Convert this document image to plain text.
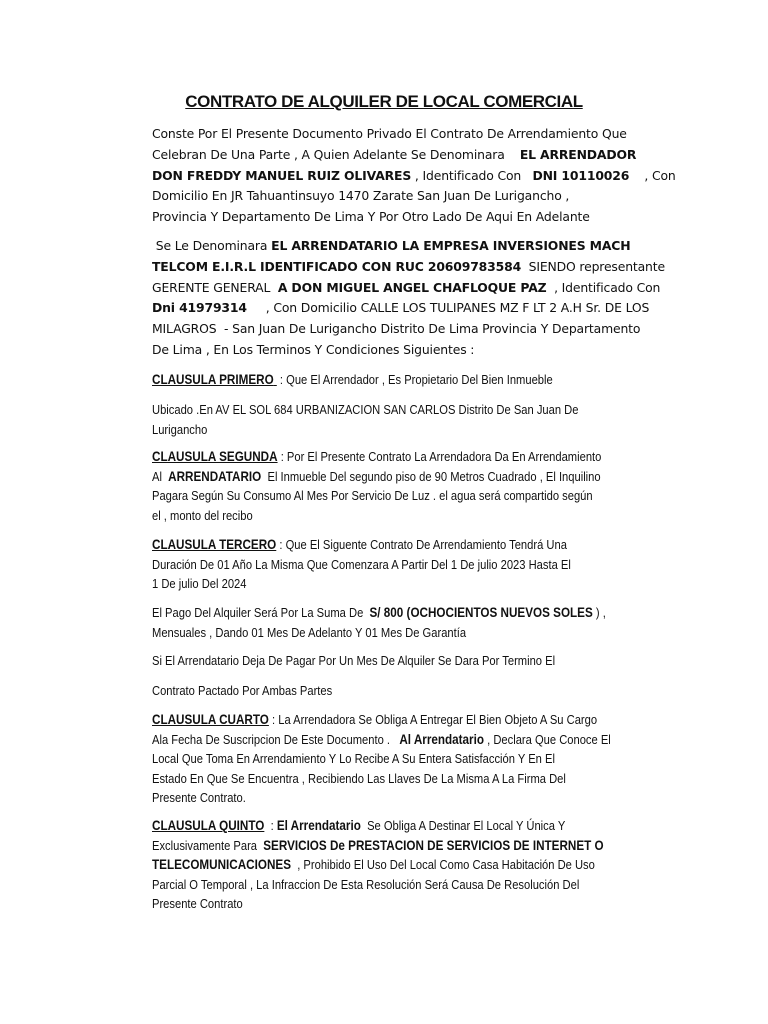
CONTRATO DE ALQUILER DE LOCAL COMERCIAL
Conste Por El Presente Documento Privado El Contrato De Arrendamiento Que
Celebran De Una Parte , A Quien Adelante Se Denominara EL ARRENDADOR
DON FREDDY MANUEL RUIZ OLIVARES , Identificado Con DNI 10110026 , Con
Domicilio En JR Tahuantinsuyo 1470 Zarate San Juan De Lurigancho ,
Provincia Y Departamento De Lima Y Por Otro Lado De Aqui En Adelante
Se Le Denominara EL ARRENDATARIO LA EMPRESA INVERSIONES MACH
TELCOM E.I.R.L IDENTIFICADO CON RUC 20609783584 SIENDO representante
GERENTE GENERAL A DON MIGUEL ANGEL CHAFLOQUE PAZ , Identificado Con
Dni 41979314 , Con Domicilio CALLE LOS TULIPANES MZ F LT 2 A.H Sr. DE LOS
MILAGROS - San Juan De Lurigancho Distrito De Lima Provincia Y Departamento
De Lima , En Los Terminos Y Condiciones Siguientes :
CLAUSULA PRIMERO : Que El Arrendador , Es Propietario Del Bien Inmueble
Ubicado .En AV EL SOL 684 URBANIZACION SAN CARLOS Distrito De San Juan De
Lurigancho
CLAUSULA SEGUNDA : Por El Presente Contrato La Arrendadora Da En Arrendamiento
Al ARRENDATARIO El Inmueble Del segundo piso de 90 Metros Cuadrado , El Inquilino
Pagara Según Su Consumo Al Mes Por Servicio De Luz . el agua será compartido según
el , monto del recibo
CLAUSULA TERCERO : Que El Siguente Contrato De Arrendamiento Tendrá Una
Duración De 01 Año La Misma Que Comenzara A Partir Del 1 De julio 2023 Hasta El
1 De julio Del 2024
El Pago Del Alquiler Será Por La Suma De S/ 800 (OCHOCIENTOS NUEVOS SOLES ) ,
Mensuales , Dando 01 Mes De Adelanto Y 01 Mes De Garantía
Si El Arrendatario Deja De Pagar Por Un Mes De Alquiler Se Dara Por Termino El
Contrato Pactado Por Ambas Partes
CLAUSULA CUARTO : La Arrendadora Se Obliga A Entregar El Bien Objeto A Su Cargo
Ala Fecha De Suscripcion De Este Documento . Al Arrendatario , Declara Que Conoce El
Local Que Toma En Arrendamiento Y Lo Recibe A Su Entera Satisfacción Y En El
Estado En Que Se Encuentra , Recibiendo Las Llaves De La Misma A La Firma Del
Presente Contrato.
CLAUSULA QUINTO : El Arrendatario Se Obliga A Destinar El Local Y Única Y
Exclusivamente Para SERVICIOS De PRESTACION DE SERVICIOS DE INTERNET O
TELECOMUNICACIONES , Prohibido El Uso Del Local Como Casa Habitación De Uso
Parcial O Temporal , La Infraccion De Esta Resolución Será Causa De Resolución Del
Presente Contrato
